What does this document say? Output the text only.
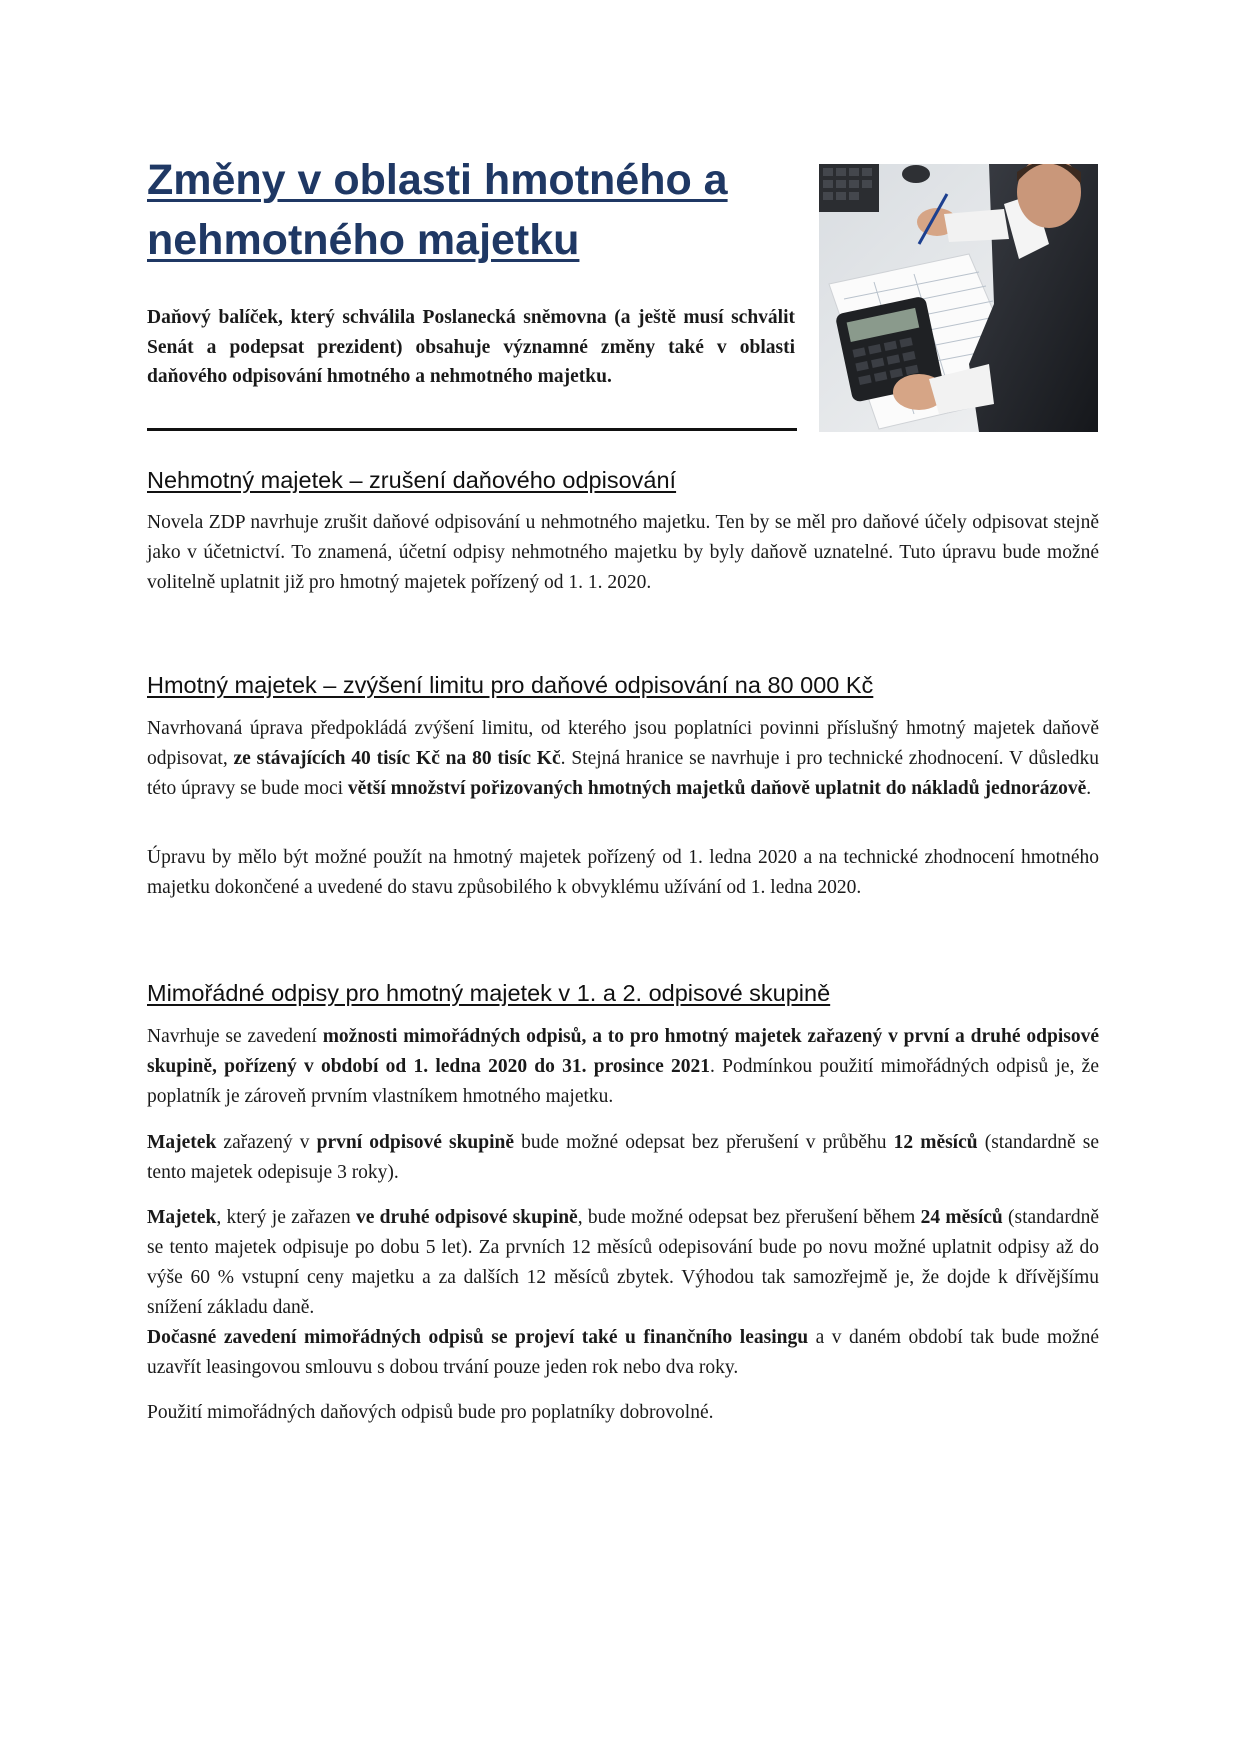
Změny v oblasti hmotného a nehmotného majetku

Daňový balíček, který schválila Poslanecká sněmovna (a ještě musí schválit Senát a podepsat prezident) obsahuje významné změny také v oblasti daňového odpisování hmotného a nehmotného majetku.

Nehmotný majetek – zrušení daňového odpisování

Novela ZDP navrhuje zrušit daňové odpisování u nehmotného majetku. Ten by se měl pro daňové účely odpisovat stejně jako v účetnictví. To znamená, účetní odpisy nehmotného majetku by byly daňově uznatelné. Tuto úpravu bude možné volitelně uplatnit již pro hmotný majetek pořízený od 1. 1. 2020.

Hmotný majetek – zvýšení limitu pro daňové odpisování na 80 000 Kč

Navrhovaná úprava předpokládá zvýšení limitu, od kterého jsou poplatníci povinni příslušný hmotný majetek daňově odpisovat, ze stávajících 40 tisíc Kč na 80 tisíc Kč. Stejná hranice se navrhuje i pro technické zhodnocení. V důsledku této úpravy se bude moci větší množství pořizovaných hmotných majetků daňově uplatnit do nákladů jednorázově.

Úpravu by mělo být možné použít na hmotný majetek pořízený od 1. ledna 2020 a na technické zhodnocení hmotného majetku dokončené a uvedené do stavu způsobilého k obvyklému užívání od 1. ledna 2020.

Mimořádné odpisy pro hmotný majetek v 1. a 2. odpisové skupině

Navrhuje se zavedení možnosti mimořádných odpisů, a to pro hmotný majetek zařazený v první a druhé odpisové skupině, pořízený v období od 1. ledna 2020 do 31. prosince 2021. Podmínkou použití mimořádných odpisů je, že poplatník je zároveň prvním vlastníkem hmotného majetku.

Majetek zařazený v první odpisové skupině bude možné odepsat bez přerušení v průběhu 12 měsíců (standardně se tento majetek odepisuje 3 roky).

Majetek, který je zařazen ve druhé odpisové skupině, bude možné odepsat bez přerušení během 24 měsíců (standardně se tento majetek odpisuje po dobu 5 let). Za prvních 12 měsíců odepisování bude po novu možné uplatnit odpisy až do výše 60 % vstupní ceny majetku a za dalších 12 měsíců zbytek. Výhodou tak samozřejmě je, že dojde k dřívějšímu snížení základu daně.

Dočasné zavedení mimořádných odpisů se projeví také u finančního leasingu a v daném období tak bude možné uzavřít leasingovou smlouvu s dobou trvání pouze jeden rok nebo dva roky.

Použití mimořádných daňových odpisů bude pro poplatníky dobrovolné.
